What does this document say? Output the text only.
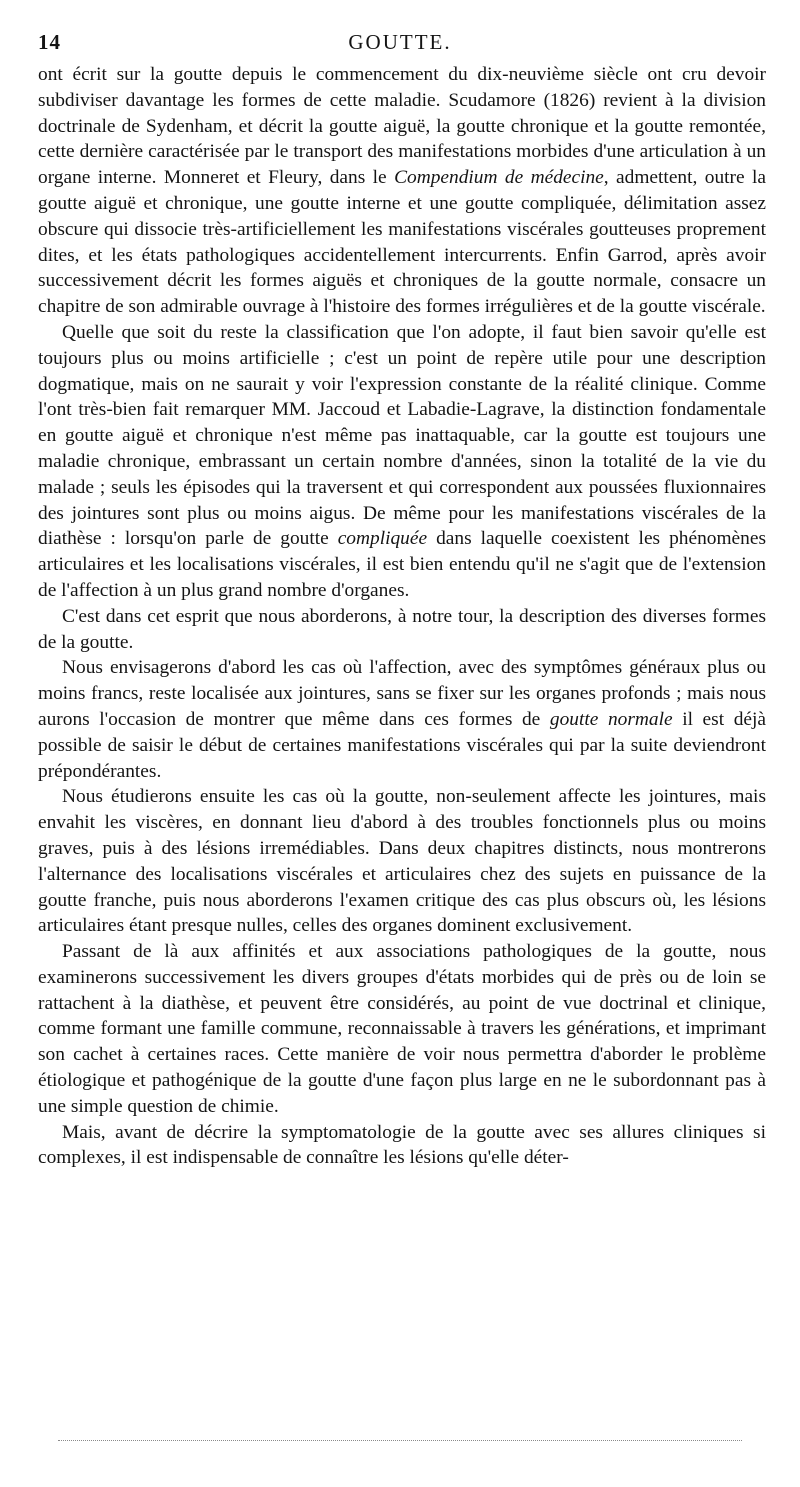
14	GOUTTE.

ont écrit sur la goutte depuis le commencement du dix-neuvième siècle ont cru devoir subdiviser davantage les formes de cette maladie. Scudamore (1826) revient à la division doctrinale de Sydenham, et décrit la goutte aiguë, la goutte chronique et la goutte remontée, cette dernière caractérisée par le transport des manifestations morbides d'une articulation à un organe interne. Monneret et Fleury, dans le Compendium de médecine, admettent, outre la goutte aiguë et chronique, une goutte interne et une goutte compliquée, délimitation assez obscure qui dissocie très-artificiellement les manifestations viscérales goutteuses proprement dites, et les états pathologiques accidentellement intercurrents. Enfin Garrod, après avoir successivement décrit les formes aiguës et chroniques de la goutte normale, consacre un chapitre de son admirable ouvrage à l'histoire des formes irrégulières et de la goutte viscérale.

Quelle que soit du reste la classification que l'on adopte, il faut bien savoir qu'elle est toujours plus ou moins artificielle ; c'est un point de repère utile pour une description dogmatique, mais on ne saurait y voir l'expression constante de la réalité clinique. Comme l'ont très-bien fait remarquer MM. Jaccoud et Labadie-Lagrave, la distinction fondamentale en goutte aiguë et chronique n'est même pas inattaquable, car la goutte est toujours une maladie chronique, embrassant un certain nombre d'années, sinon la totalité de la vie du malade ; seuls les épisodes qui la traversent et qui correspondent aux poussées fluxionnaires des jointures sont plus ou moins aigus. De même pour les manifestations viscérales de la diathèse : lorsqu'on parle de goutte compliquée dans laquelle coexistent les phénomènes articulaires et les localisations viscérales, il est bien entendu qu'il ne s'agit que de l'extension de l'affection à un plus grand nombre d'organes.

C'est dans cet esprit que nous aborderons, à notre tour, la description des diverses formes de la goutte.

Nous envisagerons d'abord les cas où l'affection, avec des symptômes généraux plus ou moins francs, reste localisée aux jointures, sans se fixer sur les organes profonds ; mais nous aurons l'occasion de montrer que même dans ces formes de goutte normale il est déjà possible de saisir le début de certaines manifestations viscérales qui par la suite deviendront prépondérantes.

Nous étudierons ensuite les cas où la goutte, non-seulement affecte les jointures, mais envahit les viscères, en donnant lieu d'abord à des troubles fonctionnels plus ou moins graves, puis à des lésions irremédiables. Dans deux chapitres distincts, nous montrerons l'alternance des localisations viscérales et articulaires chez des sujets en puissance de la goutte franche, puis nous aborderons l'examen critique des cas plus obscurs où, les lésions articulaires étant presque nulles, celles des organes dominent exclusivement.

Passant de là aux affinités et aux associations pathologiques de la goutte, nous examinerons successivement les divers groupes d'états morbides qui de près ou de loin se rattachent à la diathèse, et peuvent être considérés, au point de vue doctrinal et clinique, comme formant une famille commune, reconnaissable à travers les générations, et imprimant son cachet à certaines races. Cette manière de voir nous permettra d'aborder le problème étiologique et pathogénique de la goutte d'une façon plus large en ne le subordonnant pas à une simple question de chimie.

Mais, avant de décrire la symptomatologie de la goutte avec ses allures cliniques si complexes, il est indispensable de connaître les lésions qu'elle déter-
